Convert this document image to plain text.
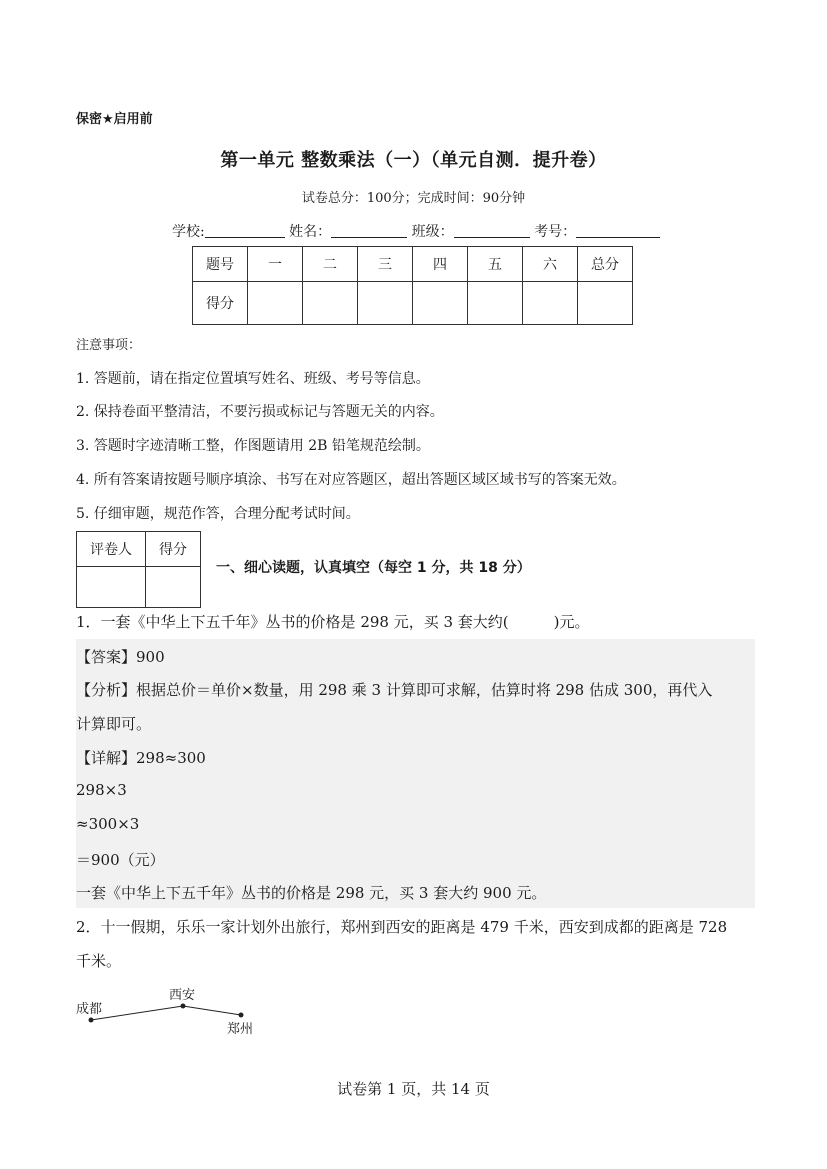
保密★启用前
第一单元 整数乘法（一）（单元自测．提升卷）
试卷总分：100分；完成时间：90分钟
学校:	姓名：	班级：	考号：
题号	一	二	三	四	五	六	总分
得分							
注意事项：
1. 答题前，请在指定位置填写姓名、班级、考号等信息。
2. 保持卷面平整清洁，不要污损或标记与答题无关的内容。
3. 答题时字迹清晰工整，作图题请用 2B 铅笔规范绘制。
4. 所有答案请按题号顺序填涂、书写在对应答题区，超出答题区域区域书写的答案无效。
5. 仔细审题，规范作答，合理分配考试时间。
评卷人	得分

一、细心读题，认真填空（每空 1 分，共 18 分）
1．一套《中华上下五千年》丛书的价格是 298 元，买 3 套大约(　　　)元。
【答案】900
【分析】根据总价＝单价×数量，用 298 乘 3 计算即可求解，估算时将 298 估成 300，再代入
计算即可。
【详解】298≈300
298×3
≈300×3
＝900（元）
一套《中华上下五千年》丛书的价格是 298 元，买 3 套大约 900 元。
2．十一假期，乐乐一家计划外出旅行，郑州到西安的距离是 479 千米，西安到成都的距离是 728
千米。
成都
西安
郑州
试卷第 1 页，共 14 页
